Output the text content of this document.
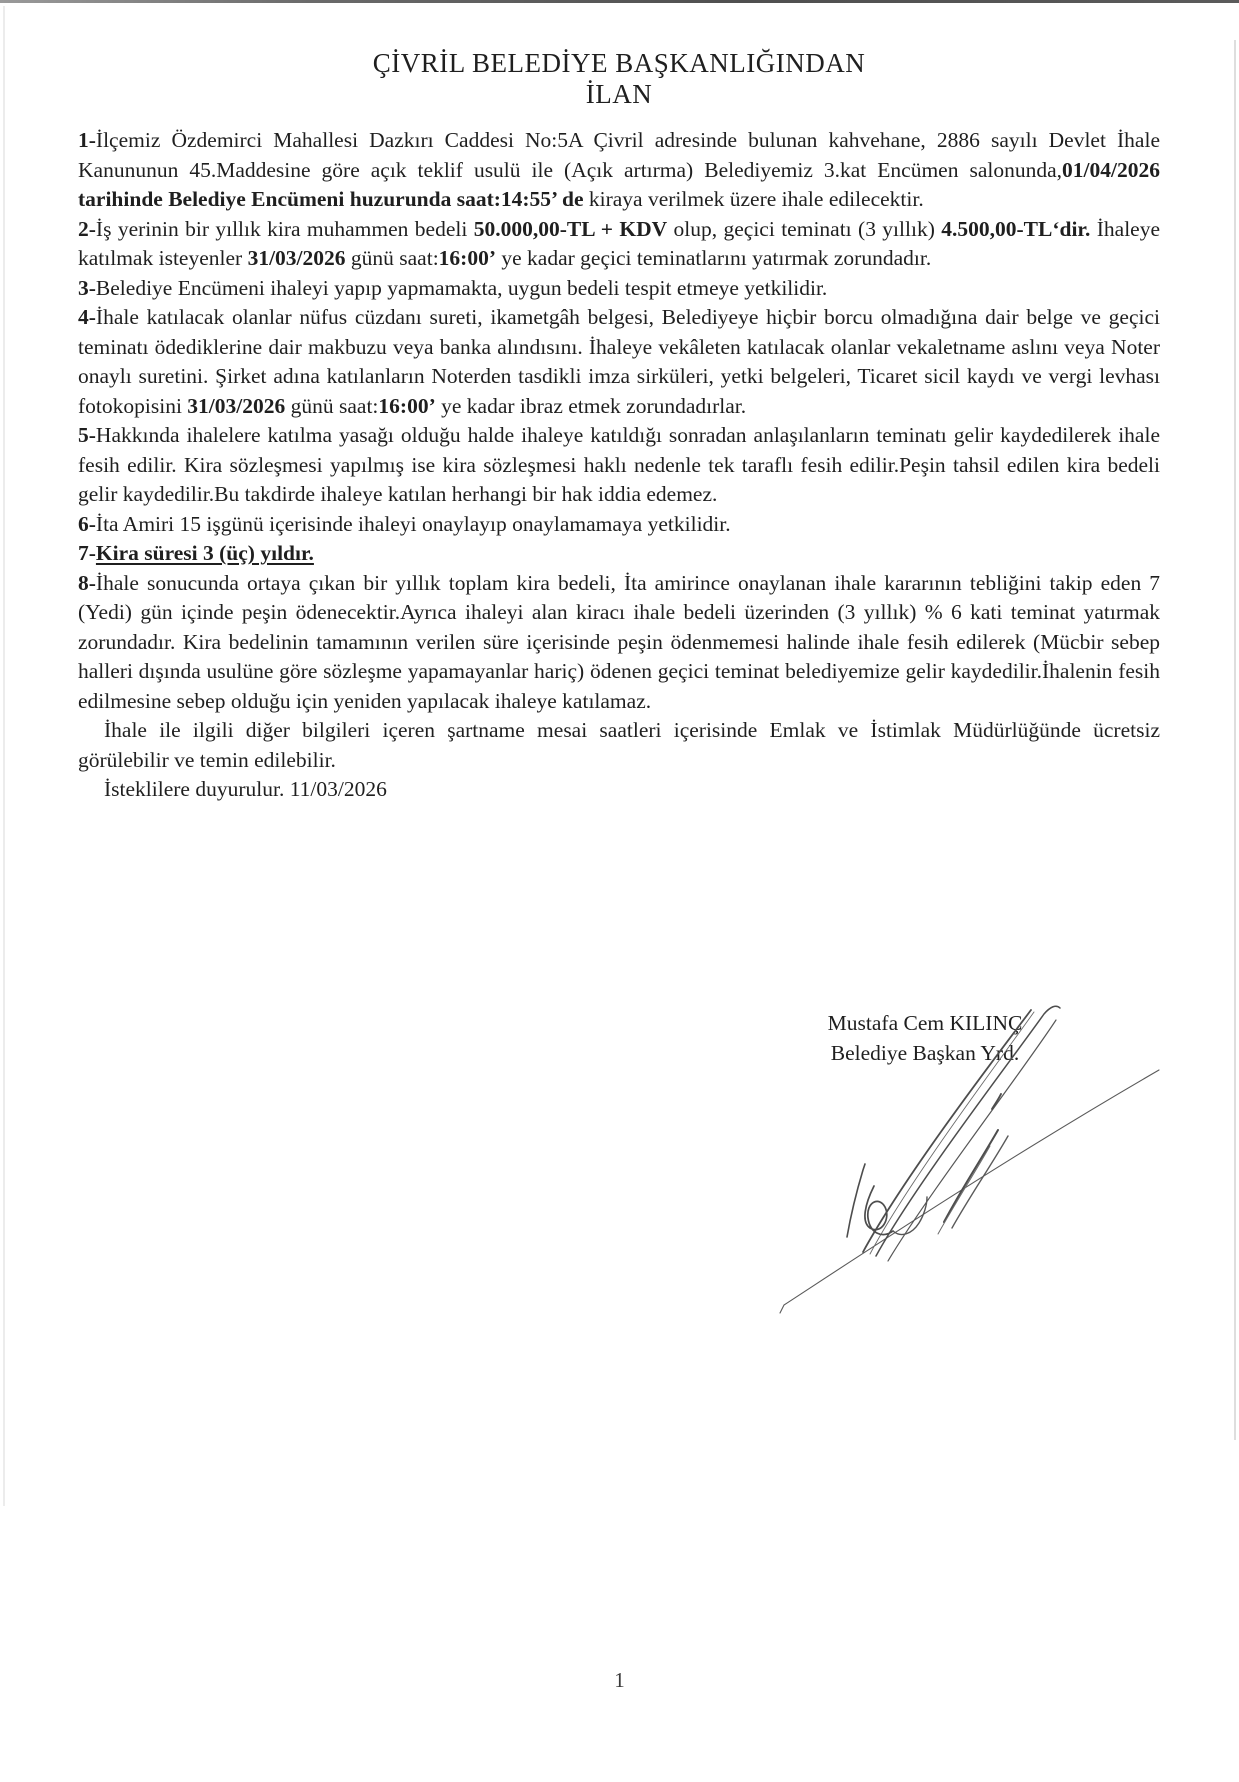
ÇİVRİL BELEDİYE BAŞKANLIĞINDAN
İLAN

1-İlçemiz Özdemirci Mahallesi Dazkırı Caddesi No:5A Çivril adresinde bulunan kahvehane, 2886 sayılı Devlet İhale Kanununun 45.Maddesine göre açık teklif usulü ile (Açık artırma) Belediyemiz 3.kat Encümen salonunda,01/04/2026 tarihinde Belediye Encümeni huzurunda saat:14:55’ de kiraya verilmek üzere ihale edilecektir.

2-İş yerinin bir yıllık kira muhammen bedeli 50.000,00-TL + KDV olup, geçici teminatı (3 yıllık) 4.500,00-TL‘dir. İhaleye katılmak isteyenler 31/03/2026 günü saat:16:00’ ye kadar geçici teminatlarını yatırmak zorundadır.

3-Belediye Encümeni ihaleyi yapıp yapmamakta, uygun bedeli tespit etmeye yetkilidir.

4-İhale katılacak olanlar nüfus cüzdanı sureti, ikametgâh belgesi, Belediyeye hiçbir borcu olmadığına dair belge ve geçici teminatı ödediklerine dair makbuzu veya banka alındısını. İhaleye vekâleten katılacak olanlar vekaletname aslını veya Noter onaylı suretini. Şirket adına katılanların Noterden tasdikli imza sirküleri, yetki belgeleri, Ticaret sicil kaydı ve vergi levhası fotokopisini 31/03/2026 günü saat:16:00’ ye kadar ibraz etmek zorundadırlar.

5-Hakkında ihalelere katılma yasağı olduğu halde ihaleye katıldığı sonradan anlaşılanların teminatı gelir kaydedilerek ihale fesih edilir. Kira sözleşmesi yapılmış ise kira sözleşmesi haklı nedenle tek taraflı fesih edilir.Peşin tahsil edilen kira bedeli gelir kaydedilir.Bu takdirde ihaleye katılan herhangi bir hak iddia edemez.

6-İta Amiri 15 işgünü içerisinde ihaleyi onaylayıp onaylamamaya yetkilidir.

7-Kira süresi 3 (üç) yıldır.

8-İhale sonucunda ortaya çıkan bir yıllık toplam kira bedeli, İta amirince onaylanan ihale kararının tebliğini takip eden 7 (Yedi) gün içinde peşin ödenecektir.Ayrıca ihaleyi alan kiracı ihale bedeli üzerinden (3 yıllık) % 6 kati teminat yatırmak zorundadır. Kira bedelinin tamamının verilen süre içerisinde peşin ödenmemesi halinde ihale fesih edilerek (Mücbir sebep halleri dışında usulüne göre sözleşme yapamayanlar hariç) ödenen geçici teminat belediyemize gelir kaydedilir.İhalenin fesih edilmesine sebep olduğu için yeniden yapılacak ihaleye katılamaz.

İhale ile ilgili diğer bilgileri içeren şartname mesai saatleri içerisinde Emlak ve İstimlak Müdürlüğünde ücretsiz görülebilir ve temin edilebilir.

İsteklilere duyurulur. 11/03/2026

Mustafa Cem KILINÇ
Belediye Başkan Yrd.
1
